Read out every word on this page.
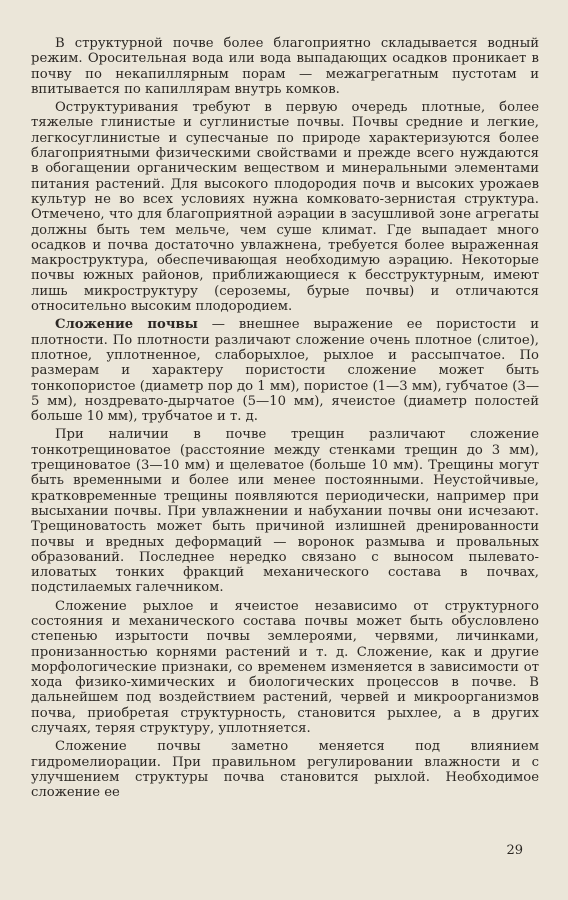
В структурной почве более благоприятно складывается водный режим. Оросительная вода или вода выпадающих осадков проникает в почву по некапиллярным порам — межагрегатным пустотам и впитывается по капиллярам внутрь комков.

Оструктуривания требуют в первую очередь плотные, более тяжелые глинистые и суглинистые почвы. Почвы средние и легкие, легкосуглинистые и супесчаные по природе характеризуются более благоприятными физическими свойствами и прежде всего нуждаются в обогащении органическим веществом и минеральными элементами питания растений. Для высокого плодородия почв и высоких урожаев культур не во всех условиях нужна комковато-зернистая структура. Отмечено, что для благоприятной аэрации в засушливой зоне агрегаты должны быть тем мельче, чем суше климат. Где выпадает много осадков и почва достаточно увлажнена, требуется более выраженная макроструктура, обеспечивающая необходимую аэрацию. Некоторые почвы южных районов, приближающиеся к бесструктурным, имеют лишь микроструктуру (сероземы, бурые почвы) и отличаются относительно высоким плодородием.

Сложение почвы — внешнее выражение ее пористости и плотности. По плотности различают сложение очень плотное (слитое), плотное, уплотненное, слаборыхлое, рыхлое и рассыпчатое. По размерам и характеру пористости сложение может быть тонкопористое (диаметр пор до 1 мм), пористое (1—3 мм), губчатое (3—5 мм), ноздревато-дырчатое (5—10 мм), ячеистое (диаметр полостей больше 10 мм), трубчатое и т. д.

При наличии в почве трещин различают сложение тонкотрещиноватое (расстояние между стенками трещин до 3 мм), трещиноватое (3—10 мм) и щелеватое (больше 10 мм). Трещины могут быть временными и более или менее постоянными. Неустойчивые, кратковременные трещины появляются периодически, например при высыхании почвы. При увлажнении и набухании почвы они исчезают. Трещиноватость может быть причиной излишней дренированности почвы и вредных деформаций — воронок размыва и провальных образований. Последнее нередко связано с выносом пылевато-иловатых тонких фракций механического состава в почвах, подстилаемых галечником.

Сложение рыхлое и ячеистое независимо от структурного состояния и механического состава почвы может быть обусловлено степенью изрытости почвы землероями, червями, личинками, пронизанностью корнями растений и т. д. Сложение, как и другие морфологические признаки, со временем изменяется в зависимости от хода физико-химических и биологических процессов в почве. В дальнейшем под воздействием растений, червей и микроорганизмов почва, приобретая структурность, становится рыхлее, а в других случаях, теряя структуру, уплотняется.

Сложение почвы заметно меняется под влиянием гидромелиорации. При правильном регулировании влажности и с улучшением структуры почва становится рыхлой. Необходимое сложение ее

29
